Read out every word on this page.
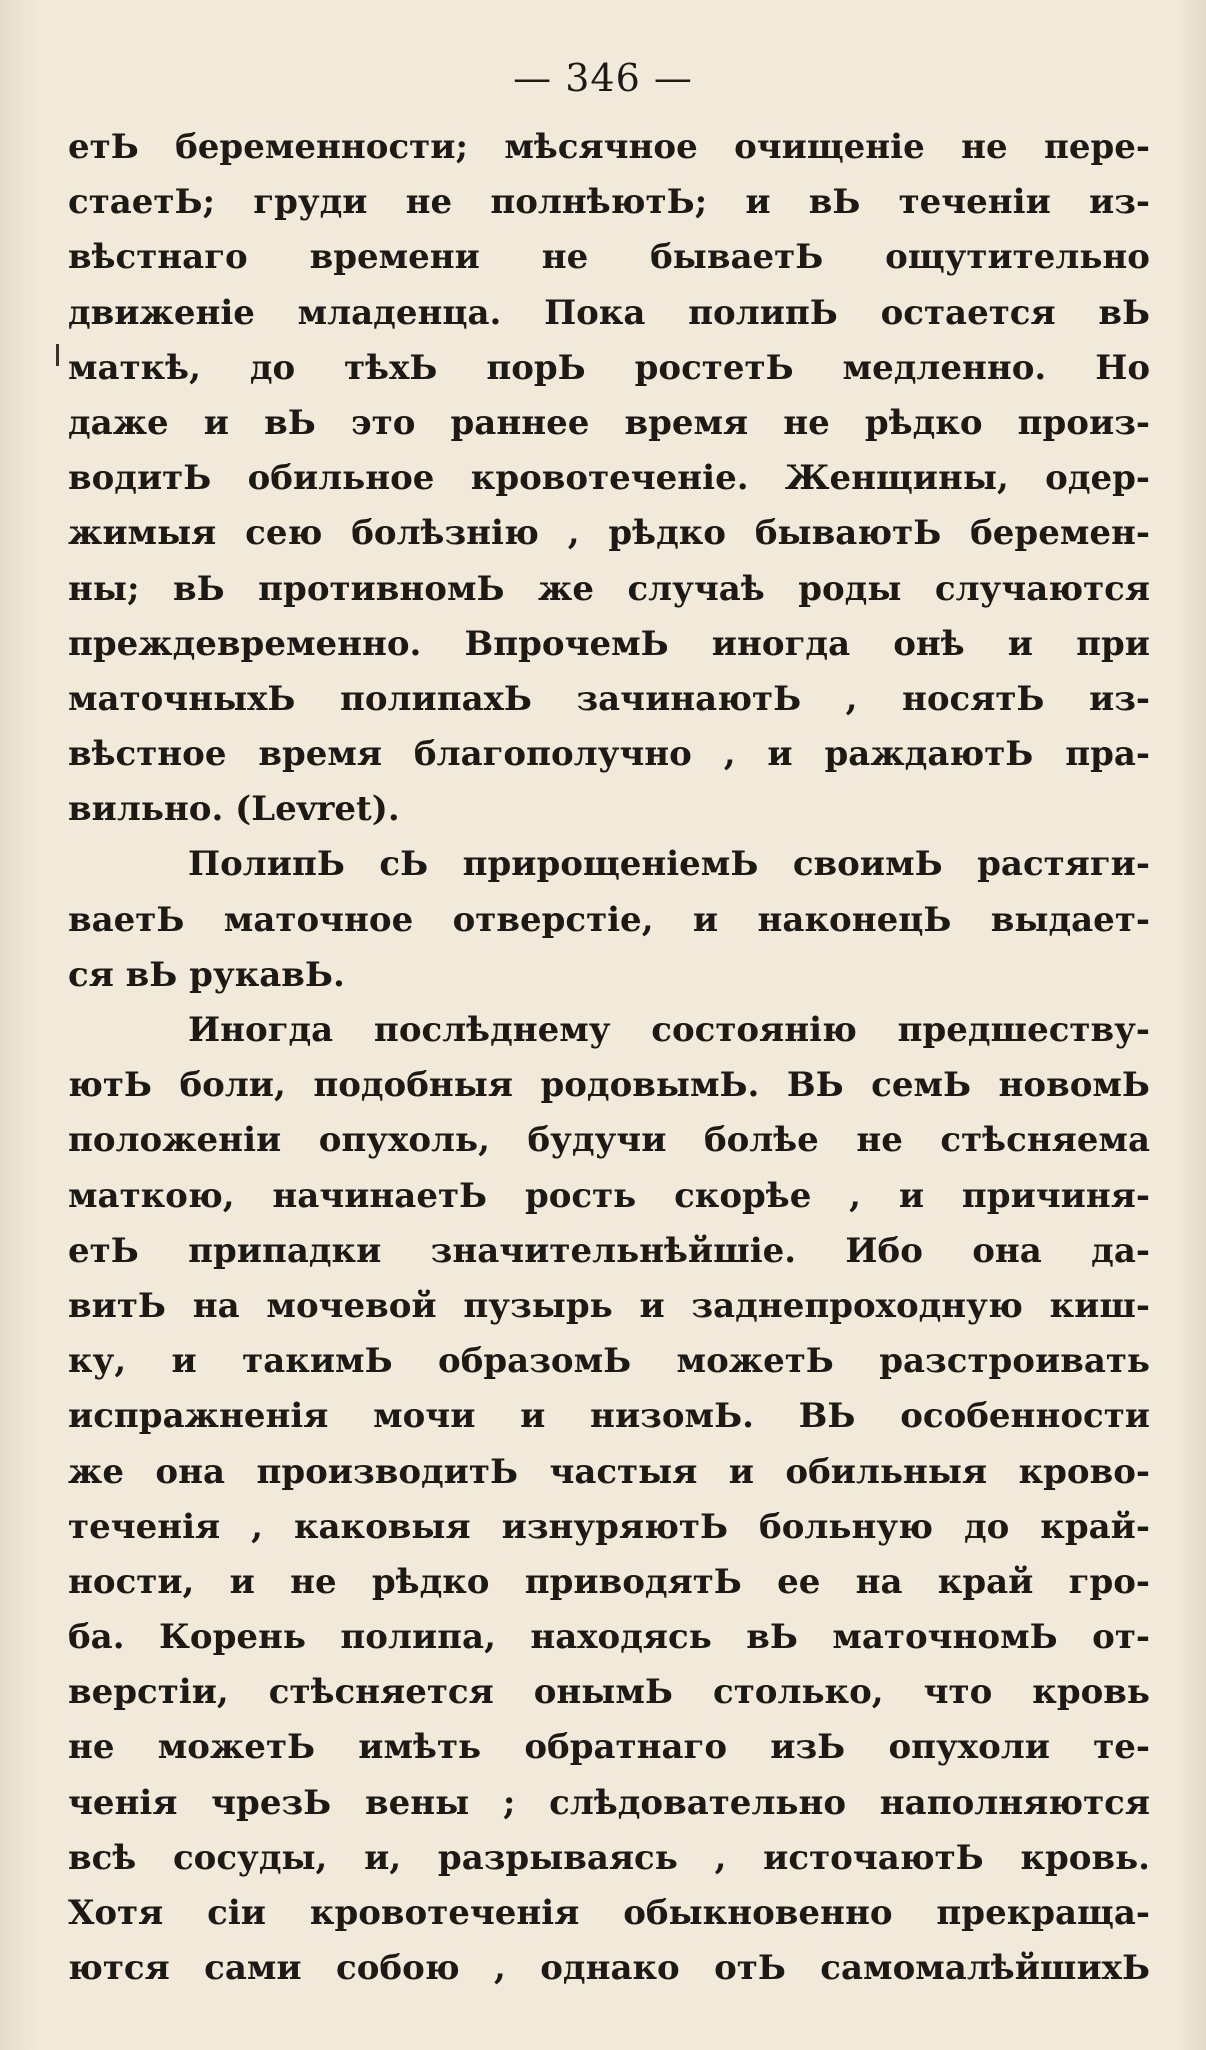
— 346 —
етЬ беременности; мѣсячное очищеніе не пере-
стаетЬ; груди не полнѣютЬ; и вЬ теченіи из-
вѣстнаго времени не бываетЬ ощутительно
движеніе младенца. Пока полипЬ остается вЬ
маткѣ, до тѣхЬ порЬ ростетЬ медленно. Но
даже и вЬ это раннее время не рѣдко произ-
водитЬ обильное кровотеченіе. Женщины, одер-
жимыя сею болѣзнію , рѣдко бываютЬ беремен-
ны; вЬ противномЬ же случаѣ роды случаются
преждевременно. ВпрочемЬ иногда онѣ и при
маточныхЬ полипахЬ зачинаютЬ , носятЬ из-
вѣстное время благополучно , и раждаютЬ пра-
вильно. (Levret).
ПолипЬ сЬ прирощеніемЬ своимЬ растяги-
ваетЬ маточное отверстіе, и наконецЬ выдает-
ся вЬ рукавЬ.
Иногда послѣднему состоянію предшеству-
ютЬ боли, подобныя родовымЬ. ВЬ семЬ новомЬ
положеніи опухоль, будучи болѣе не стѣсняема
маткою, начинаетЬ рость скорѣе , и причиня-
етЬ припадки значительнѣйшіе. Ибо она да-
витЬ на мочевой пузырь и заднепроходную киш-
ку, и такимЬ образомЬ можетЬ разстроивать
испражненія мочи и низомЬ. ВЬ особенности
же она производитЬ частыя и обильныя крово-
теченія , каковыя изнуряютЬ больную до край-
ности, и не рѣдко приводятЬ ее на край гро-
ба. Корень полипа, находясь вЬ маточномЬ от-
верстіи, стѣсняется онымЬ столько, что кровь
не можетЬ имѣть обратнаго изЬ опухоли те-
ченія чрезЬ вены ; слѣдовательно наполняются
всѣ сосуды, и, разрываясь , источаютЬ кровь.
Хотя сіи кровотеченія обыкновенно прекраща-
ются сами собою , однако отЬ самомалѣйшихЬ
